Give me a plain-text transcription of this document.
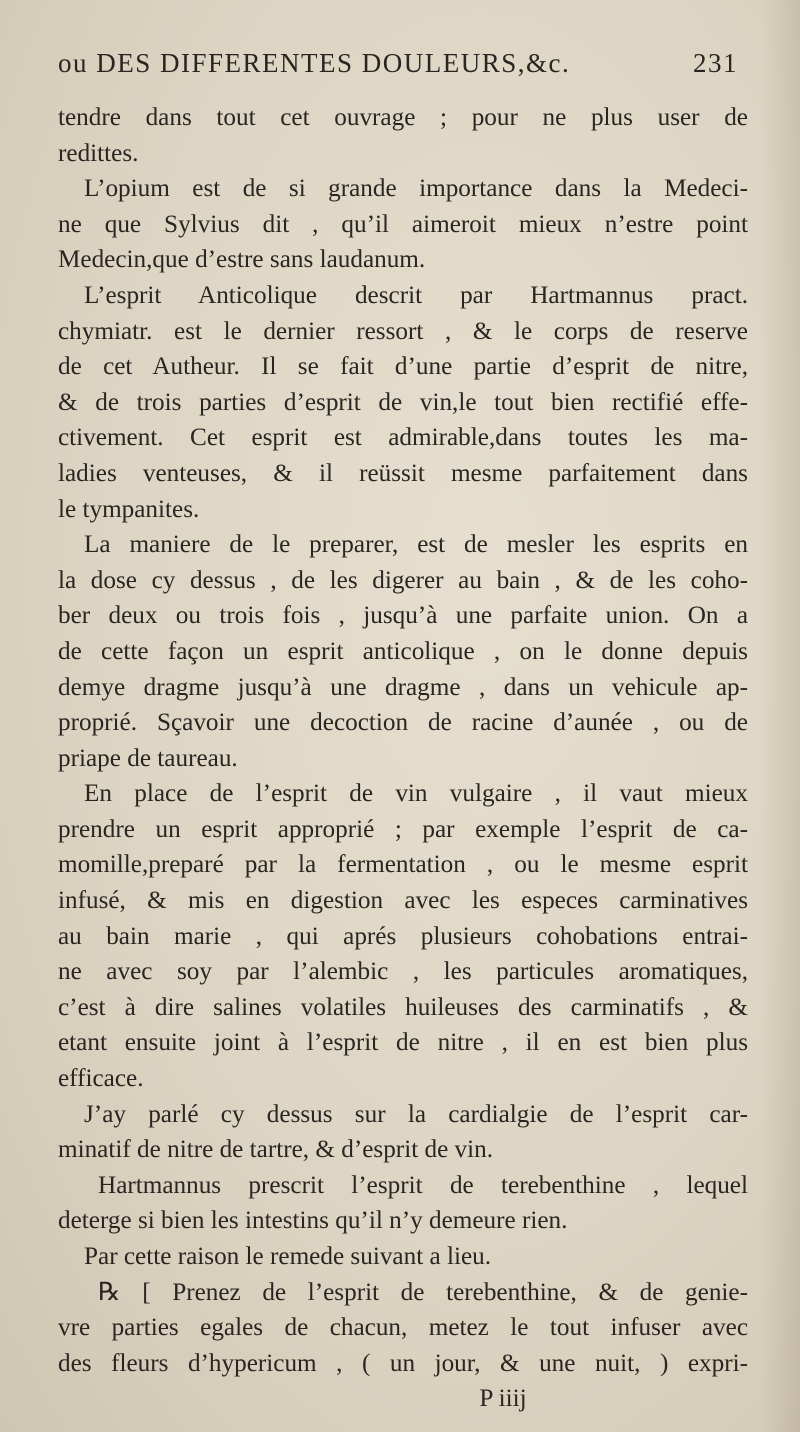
ou DES DIFFERENTES DOULEURS,&c.	231
tendre dans tout cet ouvrage ; pour ne plus user de
redittes.
L’opium est de si grande importance dans la Medeci-
ne que Sylvius dit , qu’il aimeroit mieux n’estre point
Medecin,que d’estre sans laudanum.
L’esprit Anticolique descrit par Hartmannus pract.
chymiatr. est le dernier ressort , & le corps de reserve
de cet Autheur. Il se fait d’une partie d’esprit de nitre,
& de trois parties d’esprit de vin,le tout bien rectifié effe-
ctivement. Cet esprit est admirable,dans toutes les ma-
ladies venteuses, & il reüssit mesme parfaitement dans
le tympanites.
La maniere de le preparer, est de mesler les esprits en
la dose cy dessus , de les digerer au bain , & de les coho-
ber deux ou trois fois , jusqu’à une parfaite union. On a
de cette façon un esprit anticolique , on le donne depuis
demye dragme jusqu’à une dragme , dans un vehicule ap-
proprié. Sçavoir une decoction de racine d’aunée , ou de
priape de taureau.
En place de l’esprit de vin vulgaire , il vaut mieux
prendre un esprit approprié ; par exemple l’esprit de ca-
momille,preparé par la fermentation , ou le mesme esprit
infusé, & mis en digestion avec les especes carminatives
au bain marie , qui aprés plusieurs cohobations entrai-
ne avec soy par l’alembic , les particules aromatiques,
c’est à dire salines volatiles huileuses des carminatifs , &
etant ensuite joint à l’esprit de nitre , il en est bien plus
efficace.
J’ay parlé cy dessus sur la cardialgie de l’esprit car-
minatif de nitre de tartre, & d’esprit de vin.
Hartmannus prescrit l’esprit de terebenthine , lequel
deterge si bien les intestins qu’il n’y demeure rien.
Par cette raison le remede suivant a lieu.
℞ [ Prenez de l’esprit de terebenthine, & de genie-
vre parties egales de chacun, metez le tout infuser avec
des fleurs d’hypericum , ( un jour, & une nuit, ) expri-
P iiij
